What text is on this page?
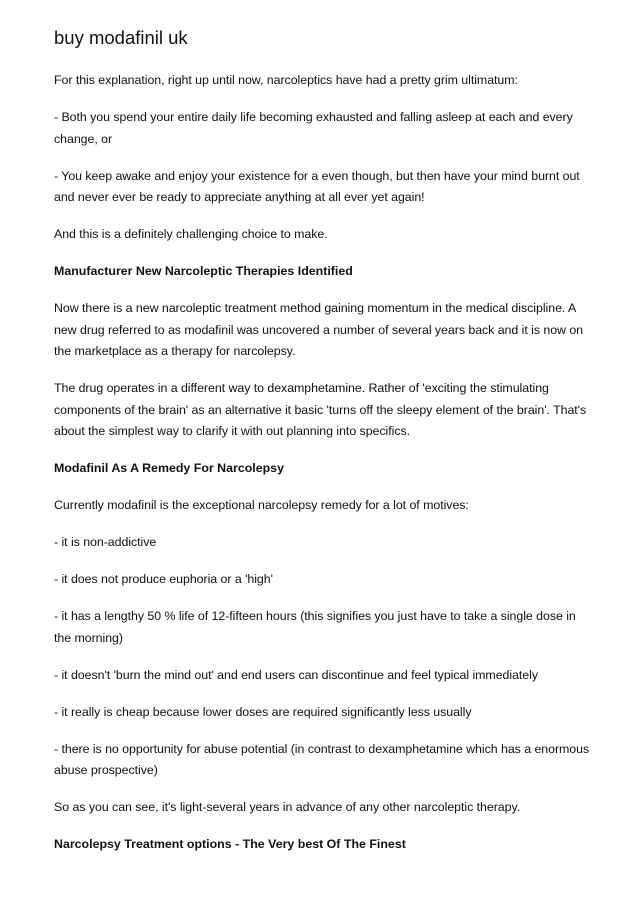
buy modafinil uk

For this explanation, right up until now, narcoleptics have had a pretty grim ultimatum:

- Both you spend your entire daily life becoming exhausted and falling asleep at each and every change, or

- You keep awake and enjoy your existence for a even though, but then have your mind burnt out and never ever be ready to appreciate anything at all ever yet again!

And this is a definitely challenging choice to make.

Manufacturer New Narcoleptic Therapies Identified

Now there is a new narcoleptic treatment method gaining momentum in the medical discipline. A new drug referred to as modafinil was uncovered a number of several years back and it is now on the marketplace as a therapy for narcolepsy.

The drug operates in a different way to dexamphetamine. Rather of 'exciting the stimulating components of the brain' as an alternative it basic 'turns off the sleepy element of the brain'. That's about the simplest way to clarify it with out planning into specifics.

Modafinil As A Remedy For Narcolepsy

Currently modafinil is the exceptional narcolepsy remedy for a lot of motives:

- it is non-addictive

- it does not produce euphoria or a 'high'

- it has a lengthy 50 % life of 12-fifteen hours (this signifies you just have to take a single dose in the morning)

- it doesn't 'burn the mind out' and end users can discontinue and feel typical immediately

- it really is cheap because lower doses are required significantly less usually

- there is no opportunity for abuse potential (in contrast to dexamphetamine which has a enormous abuse prospective)

So as you can see, it's light-several years in advance of any other narcoleptic therapy.

Narcolepsy Treatment options - The Very best Of The Finest
